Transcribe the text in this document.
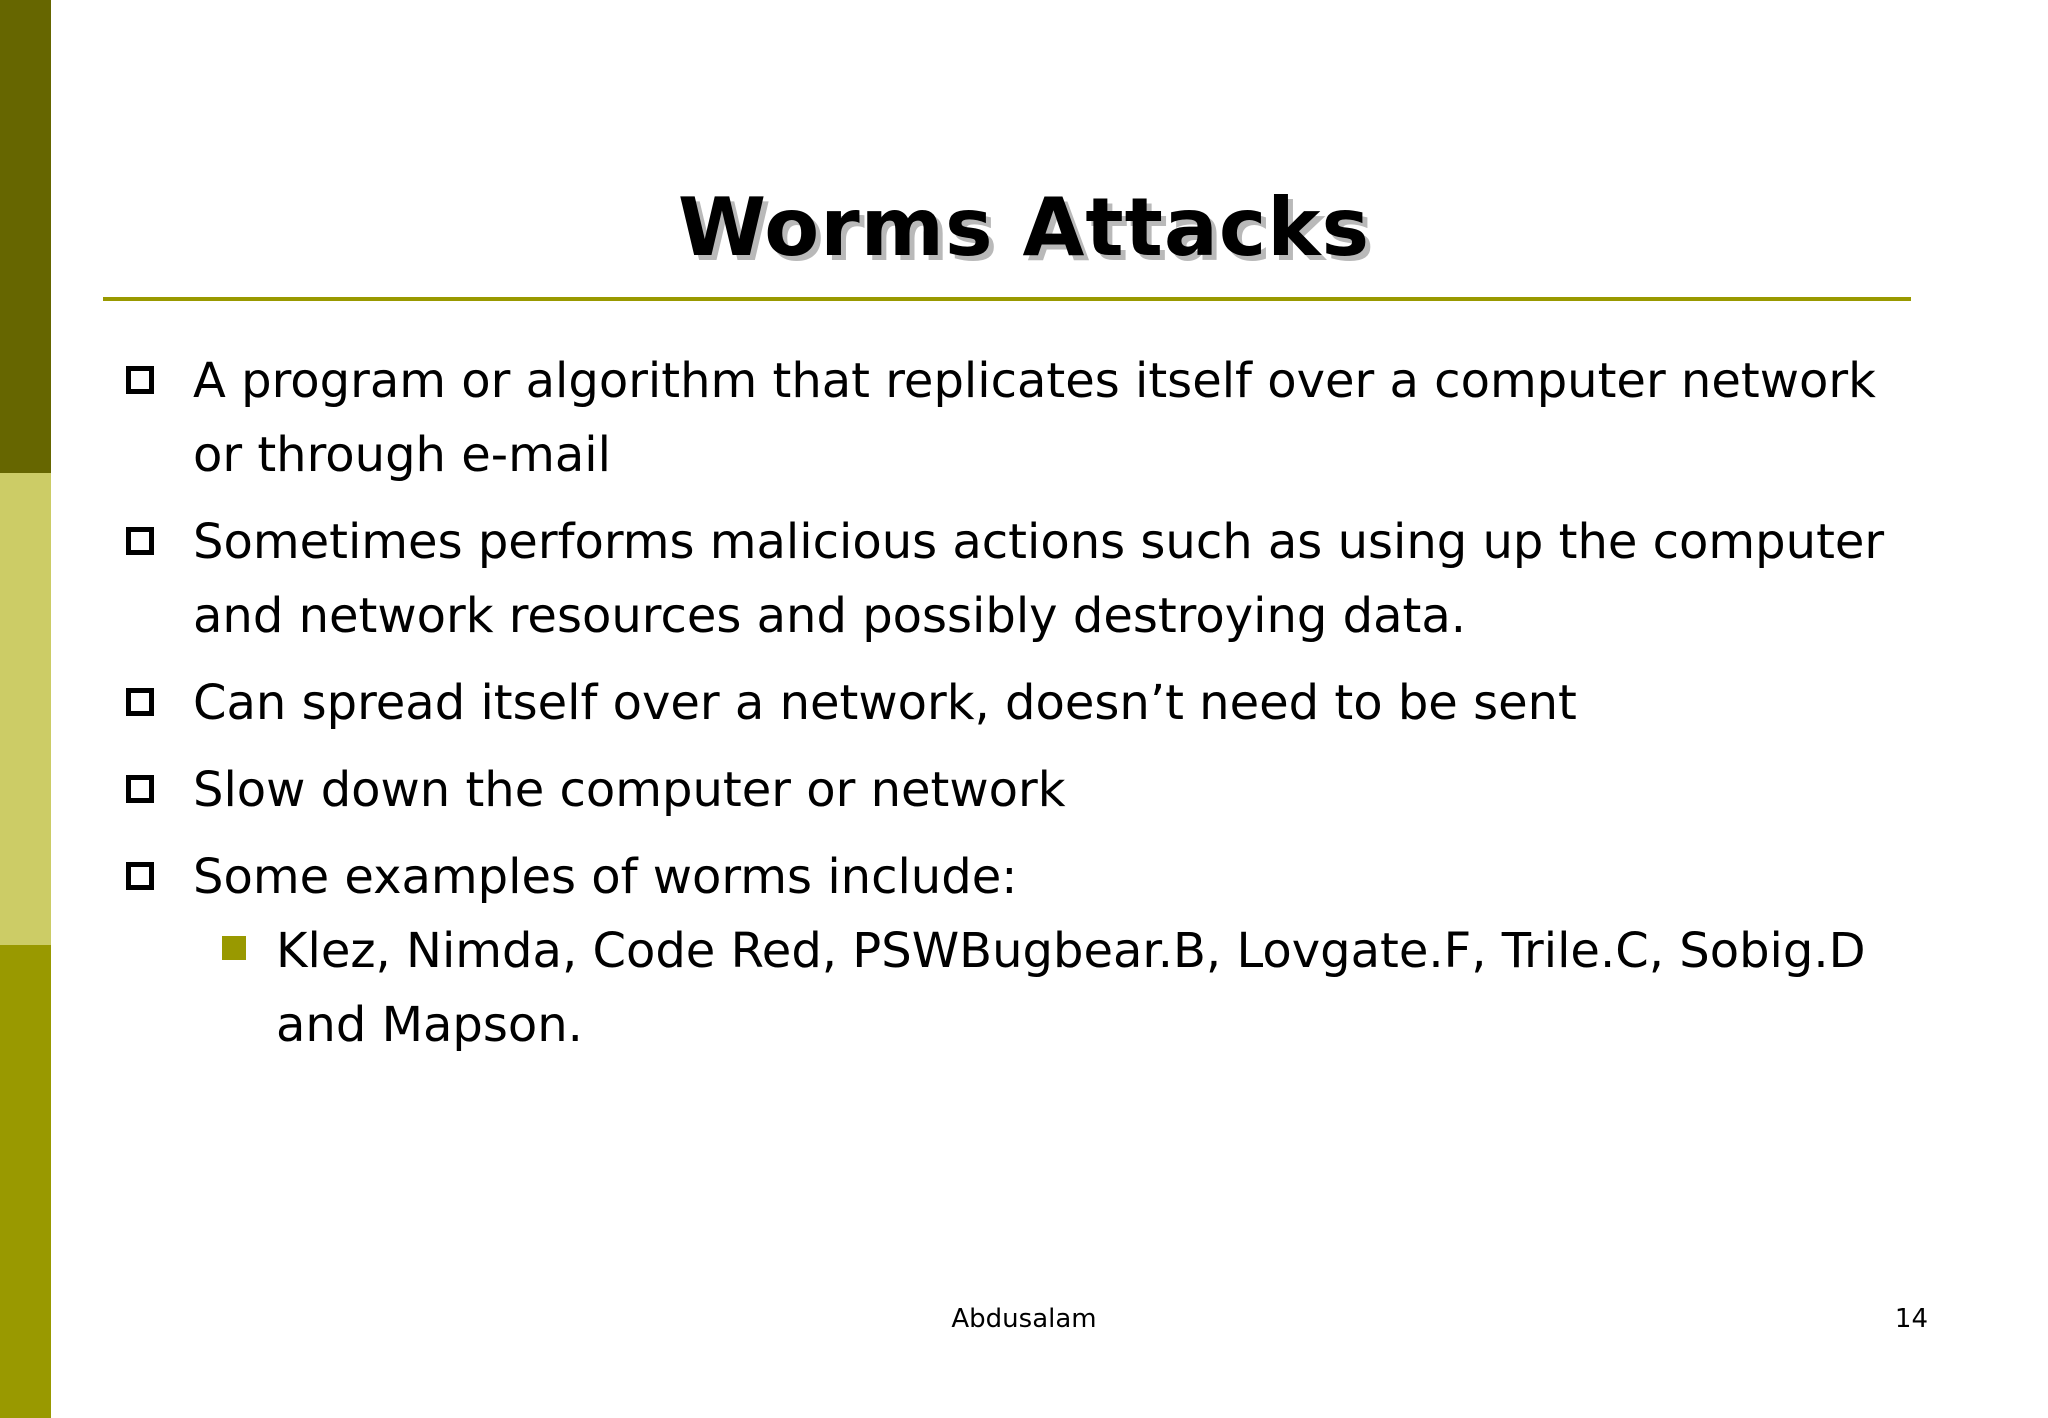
Worms Attacks
A program or algorithm that replicates itself over a computer network
or through e-mail
Sometimes performs malicious actions such as using up the computer
and network resources and possibly destroying data.
Can spread itself over a network, doesn’t need to be sent
Slow down the computer or network
Some examples of worms include:
Klez, Nimda, Code Red, PSWBugbear.B, Lovgate.F, Trile.C, Sobig.D
and Mapson.
Abdusalam	14
